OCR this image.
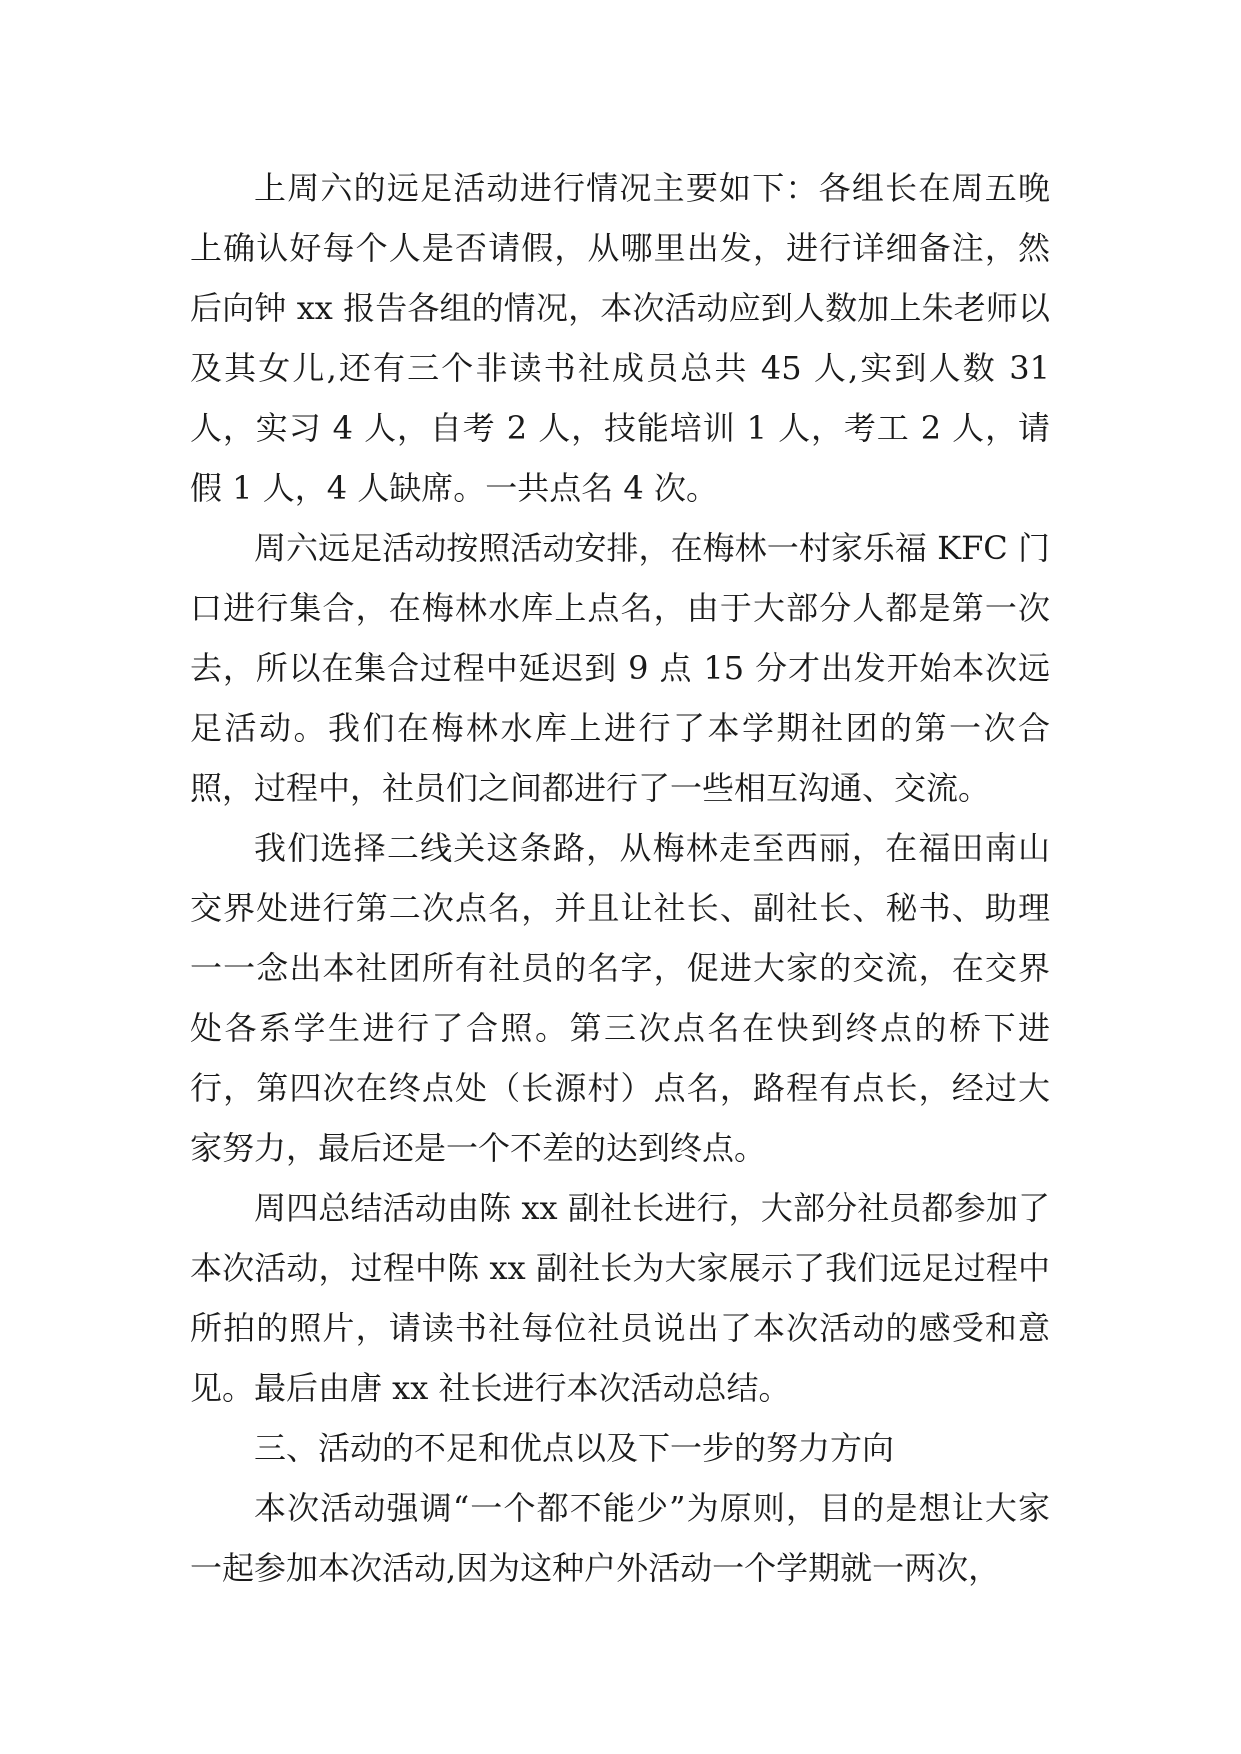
上周六的远足活动进行情况主要如下：各组长在周五晚上确认好每个人是否请假，从哪里出发，进行详细备注，然后向钟 xx 报告各组的情况，本次活动应到人数加上朱老师以及其女儿,还有三个非读书社成员总共 45 人,实到人数 31 人，实习 4 人，自考 2 人，技能培训 1 人，考工 2 人，请假 1 人，4 人缺席。一共点名 4 次。

周六远足活动按照活动安排，在梅林一村家乐福 KFC 门口进行集合，在梅林水库上点名，由于大部分人都是第一次去，所以在集合过程中延迟到 9 点 15 分才出发开始本次远足活动。我们在梅林水库上进行了本学期社团的第一次合照，过程中，社员们之间都进行了一些相互沟通、交流。

我们选择二线关这条路，从梅林走至西丽，在福田南山交界处进行第二次点名，并且让社长、副社长、秘书、助理一一念出本社团所有社员的名字，促进大家的交流，在交界处各系学生进行了合照。第三次点名在快到终点的桥下进行，第四次在终点处（长源村）点名，路程有点长，经过大家努力，最后还是一个不差的达到终点。

周四总结活动由陈 xx 副社长进行，大部分社员都参加了本次活动，过程中陈 xx 副社长为大家展示了我们远足过程中所拍的照片，请读书社每位社员说出了本次活动的感受和意见。最后由唐 xx 社长进行本次活动总结。

三、活动的不足和优点以及下一步的努力方向

本次活动强调“一个都不能少”为原则，目的是想让大家一起参加本次活动,因为这种户外活动一个学期就一两次，
